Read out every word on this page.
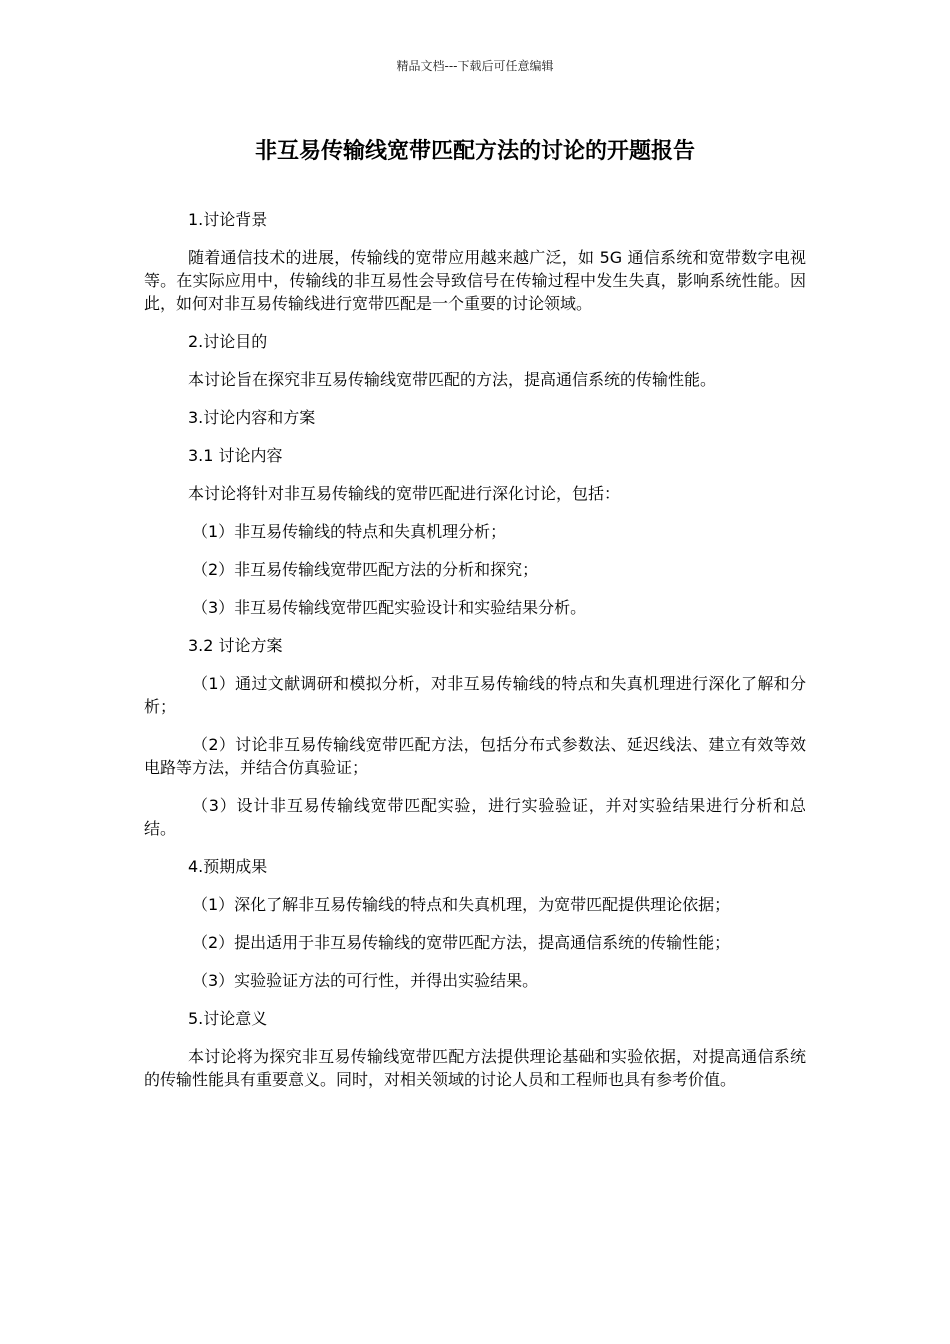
精品文档---下载后可任意编辑
非互易传输线宽带匹配方法的讨论的开题报告

1.讨论背景

随着通信技术的进展，传输线的宽带应用越来越广泛，如 5G 通信系统和宽带数字电视等。在实际应用中，传输线的非互易性会导致信号在传输过程中发生失真，影响系统性能。因此，如何对非互易传输线进行宽带匹配是一个重要的讨论领域。

2.讨论目的

本讨论旨在探究非互易传输线宽带匹配的方法，提高通信系统的传输性能。

3.讨论内容和方案

3.1 讨论内容

本讨论将针对非互易传输线的宽带匹配进行深化讨论，包括：

（1）非互易传输线的特点和失真机理分析；

（2）非互易传输线宽带匹配方法的分析和探究；

（3）非互易传输线宽带匹配实验设计和实验结果分析。

3.2 讨论方案

（1）通过文献调研和模拟分析，对非互易传输线的特点和失真机理进行深化了解和分析；

（2）讨论非互易传输线宽带匹配方法，包括分布式参数法、延迟线法、建立有效等效电路等方法，并结合仿真验证；

（3）设计非互易传输线宽带匹配实验，进行实验验证，并对实验结果进行分析和总结。

4.预期成果

（1）深化了解非互易传输线的特点和失真机理，为宽带匹配提供理论依据；

（2）提出适用于非互易传输线的宽带匹配方法，提高通信系统的传输性能；

（3）实验验证方法的可行性，并得出实验结果。

5.讨论意义

本讨论将为探究非互易传输线宽带匹配方法提供理论基础和实验依据，对提高通信系统的传输性能具有重要意义。同时，对相关领域的讨论人员和工程师也具有参考价值。
